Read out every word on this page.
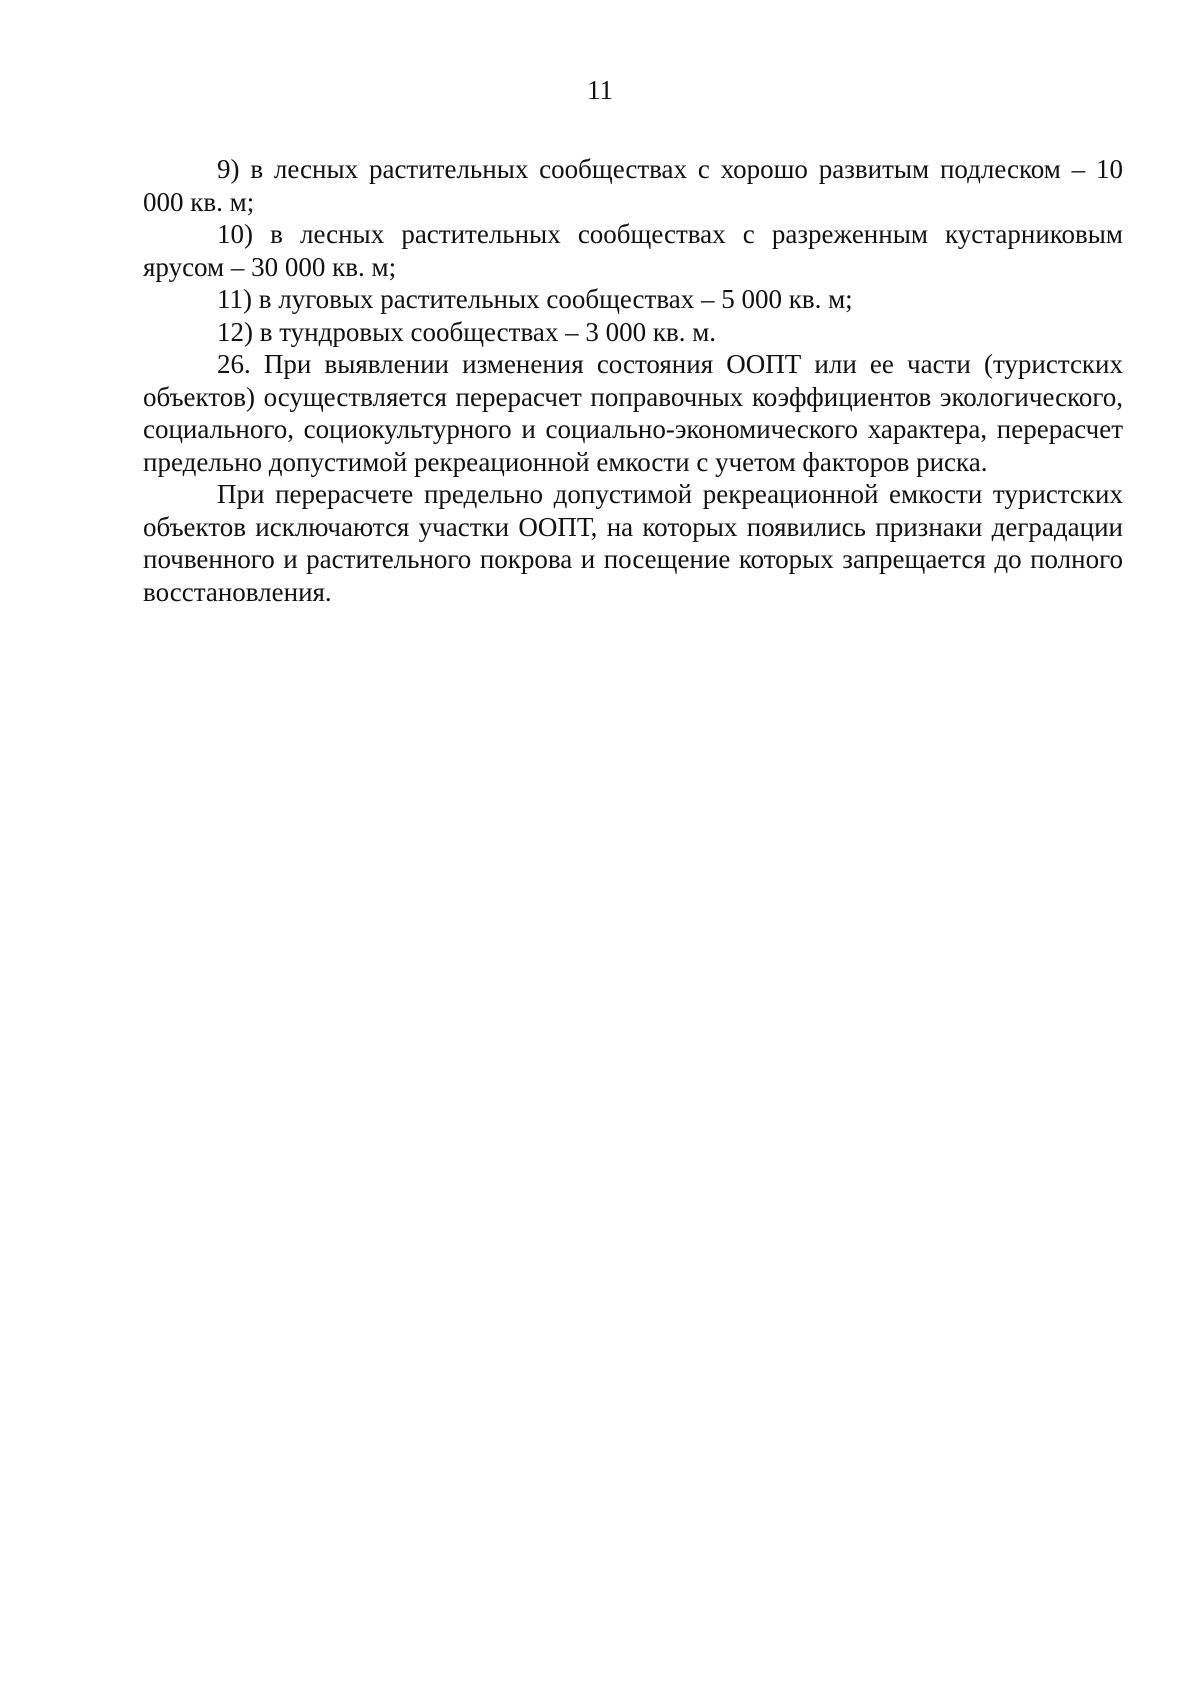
11

9) в лесных растительных сообществах с хорошо развитым подлеском – 10 000 кв. м;

10) в лесных растительных сообществах с разреженным кустарниковым ярусом – 30 000 кв. м;

11) в луговых растительных сообществах – 5 000 кв. м;

12) в тундровых сообществах – 3 000 кв. м.

26. При выявлении изменения состояния ООПТ или ее части (туристских объектов) осуществляется перерасчет поправочных коэффициентов экологического, социального, социокультурного и социально-экономического характера, перерасчет предельно допустимой рекреационной емкости с учетом факторов риска.

При перерасчете предельно допустимой рекреационной емкости туристских объектов исключаются участки ООПТ, на которых появились признаки деградации почвенного и растительного покрова и посещение которых запрещается до полного восстановления.
